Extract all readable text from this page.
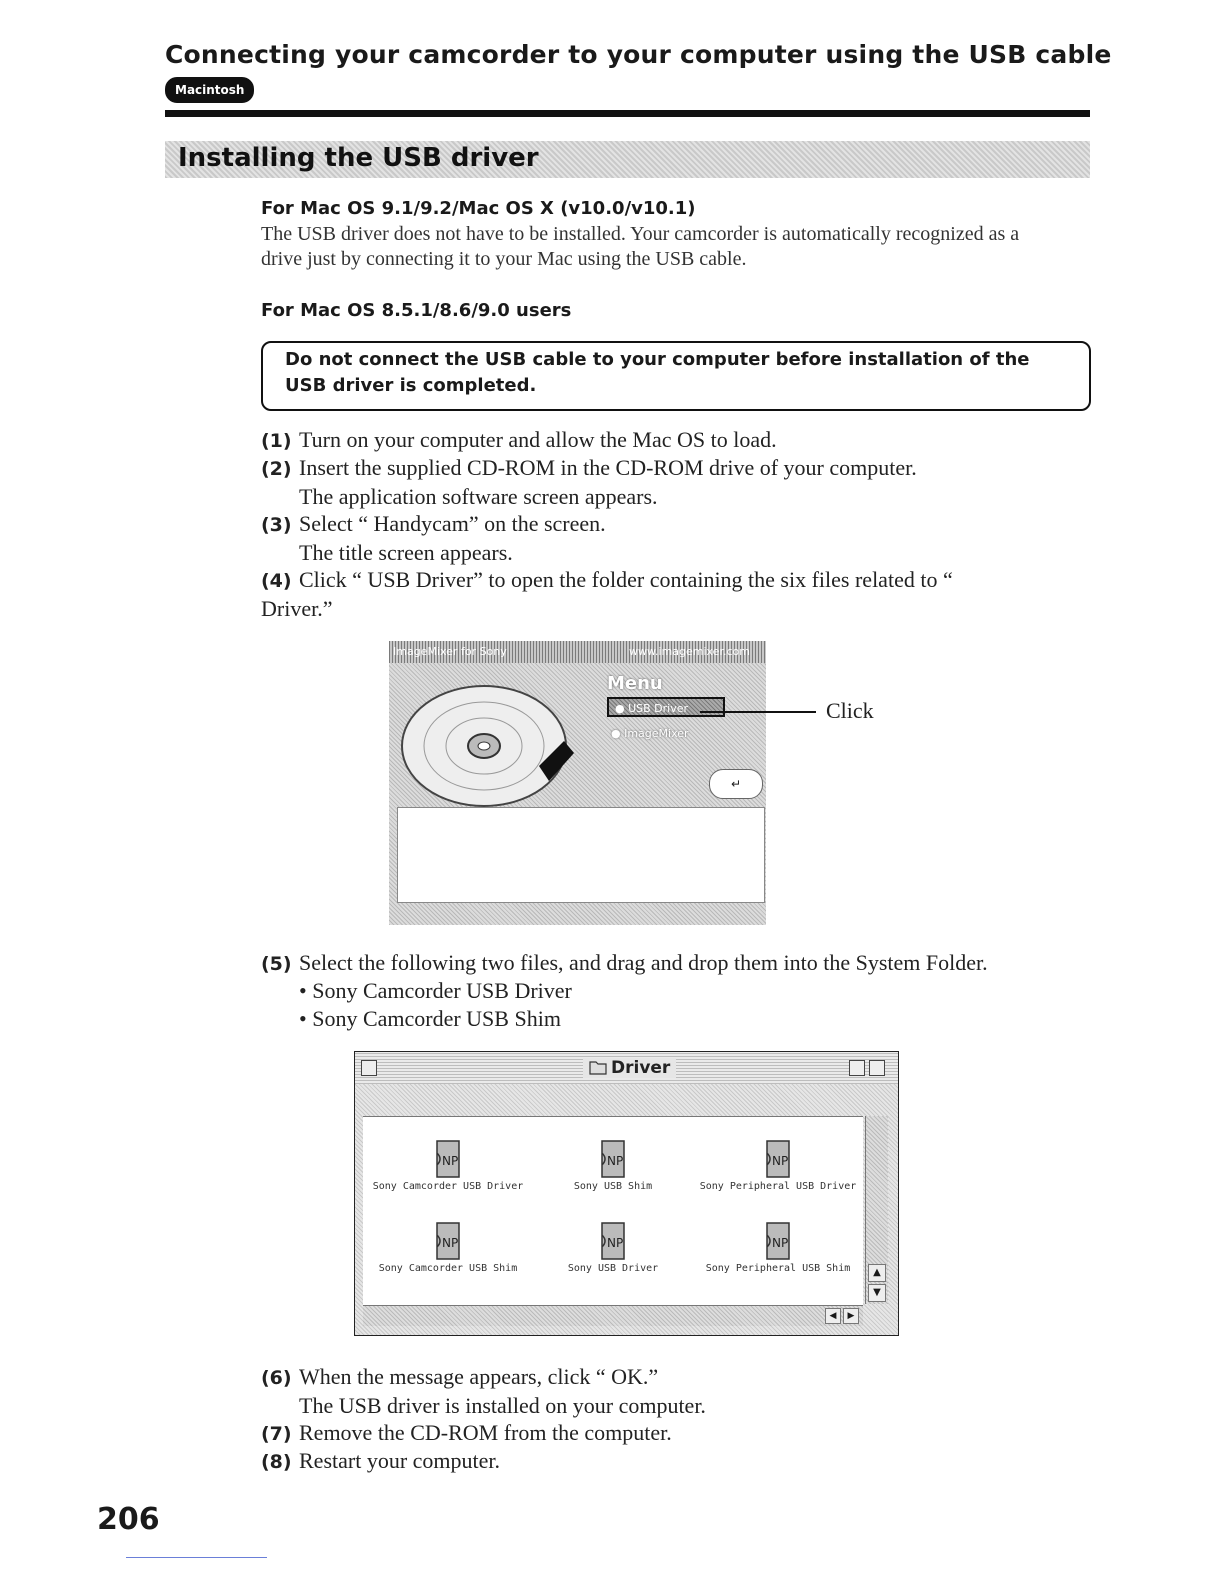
Connecting your camcorder to your computer using the USB cable
Macintosh
Installing the USB driver
For Mac OS 9.1/9.2/Mac OS X (v10.0/v10.1)
The USB driver does not have to be installed. Your camcorder is automatically recognized as a drive just by connecting it to your Mac using the USB cable.
For Mac OS 8.5.1/8.6/9.0 users
Do not connect the USB cable to your computer before installation of the USB driver is completed.
(1) Turn on your computer and allow the Mac OS to load.
(2) Insert the supplied CD-ROM in the CD-ROM drive of your computer.
The application software screen appears.
(3) Select “ Handycam” on the screen.
The title screen appears.
(4) Click “ USB Driver” to open the folder containing the six files related to “ Driver.”
ImageMixer for Sony	www.imagemixer.com
Menu
● USB Driver
● ImageMixer
↵
Click
(5) Select the following two files, and drag and drop them into the System Folder.
• Sony Camcorder USB Driver
• Sony Camcorder USB Shim
Driver
NP
Sony Camcorder USB Driver
NP
Sony USB Shim
NP
Sony Peripheral USB Driver
NP
Sony Camcorder USB Shim
NP
Sony USB Driver
NP
Sony Peripheral USB Shim	▲
▼
◀	▶
(6) When the message appears, click “ OK.”
The USB driver is installed on your computer.
(7) Remove the CD-ROM from the computer.
(8) Restart your computer.
206
